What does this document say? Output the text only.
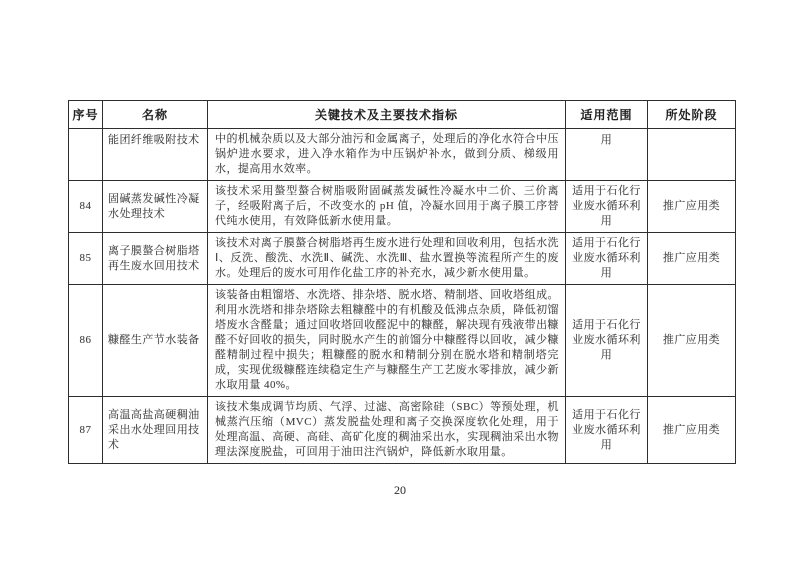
序号	名称	关键技术及主要技术指标	适用范围	所处阶段
	能团纤维吸附技术	中的机械杂质以及大部分油污和金属离子，处理后的净化水符合中压锅炉进水要求，进入净水箱作为中压锅炉补水，做到分质、梯级用水，提高用水效率。	用	
84	固碱蒸发碱性冷凝水处理技术	该技术采用螯型螯合树脂吸附固碱蒸发碱性冷凝水中二价、三价离子，经吸附离子后，不改变水的 pH 值，冷凝水回用于离子膜工序替代纯水使用，有效降低新水使用量。	适用于石化行业废水循环利用	推广应用类
85	离子膜螯合树脂塔再生废水回用技术	该技术对离子膜螯合树脂塔再生废水进行处理和回收利用，包括水洗Ⅰ、反洗、酸洗、水洗Ⅱ、碱洗、水洗Ⅲ、盐水置换等流程所产生的废水。处理后的废水可用作化盐工序的补充水，减少新水使用量。	适用于石化行业废水循环利用	推广应用类
86	糠醛生产节水装备	该装备由粗馏塔、水洗塔、排杂塔、脱水塔、精制塔、回收塔组成。利用水洗塔和排杂塔除去粗糠醛中的有机酸及低沸点杂质，降低初馏塔废水含醛量；通过回收塔回收醛泥中的糠醛，解决现有残液带出糠醛不好回收的损失，同时脱水产生的前馏分中糠醛得以回收，减少糠醛精制过程中损失；粗糠醛的脱水和精制分别在脱水塔和精制塔完成，实现优级糠醛连续稳定生产与糠醛生产工艺废水零排放，减少新水取用量 40%。	适用于石化行业废水循环利用	推广应用类
87	高温高盐高硬稠油采出水处理回用技术	该技术集成调节均质、气浮、过滤、高密除硅（SBC）等预处理，机械蒸汽压缩（MVC）蒸发脱盐处理和离子交换深度软化处理，用于处理高温、高硬、高硅、高矿化度的稠油采出水，实现稠油采出水物理法深度脱盐，可回用于油田注汽锅炉，降低新水取用量。	适用于石化行业废水循环利用	推广应用类
20
